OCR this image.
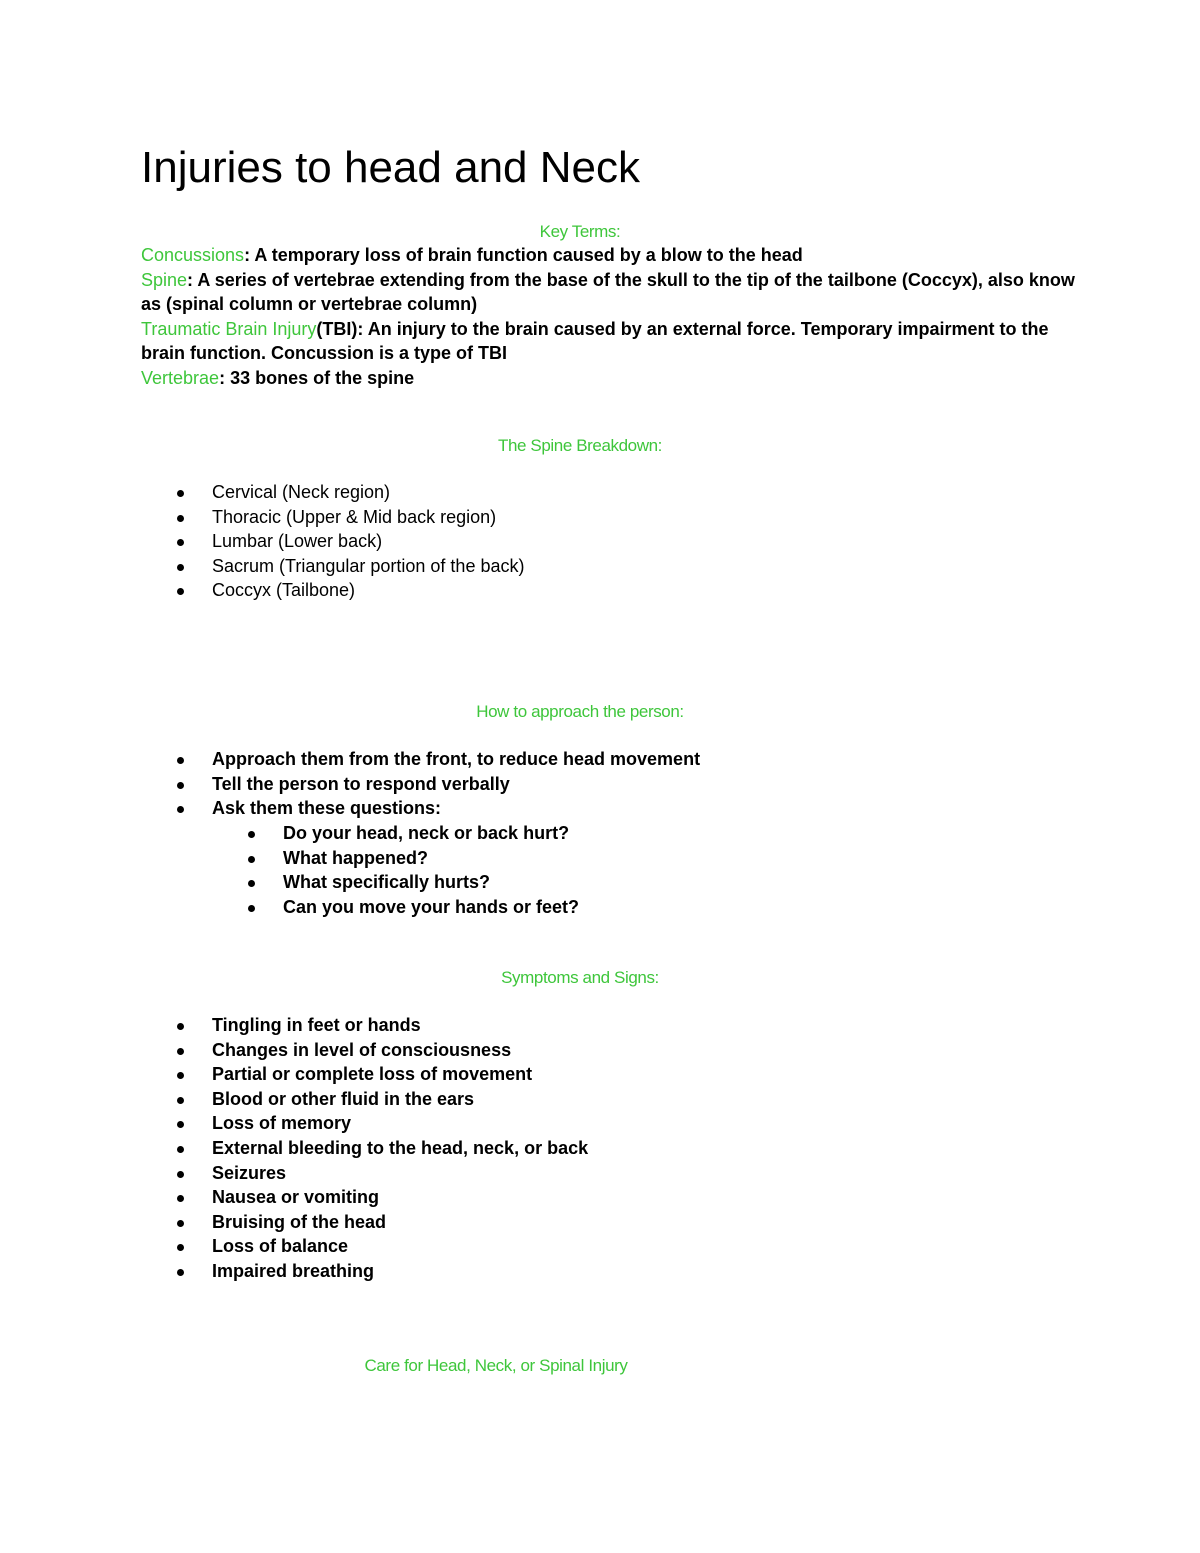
Injuries to head and Neck

Key Terms:

Concussions: A temporary loss of brain function caused by a blow to the head

Spine: A series of vertebrae extending from the base of the skull to the tip of the tailbone (Coccyx), also know as (spinal column or vertebrae column)

Traumatic Brain Injury(TBI): An injury to the brain caused by an external force. Temporary impairment to the brain function. Concussion is a type of TBI

Vertebrae: 33 bones of the spine

The Spine Breakdown:

Cervical (Neck region)
Thoracic (Upper & Mid back region)
Lumbar (Lower back)
Sacrum (Triangular portion of the back)
Coccyx (Tailbone)

How to approach the person:

Approach them from the front, to reduce head movement
Tell the person to respond verbally
Ask them these questions:
Do your head, neck or back hurt?
What happened?
What specifically hurts?
Can you move your hands or feet?

Symptoms and Signs:

Tingling in feet or hands
Changes in level of consciousness
Partial or complete loss of movement
Blood or other fluid in the ears
Loss of memory
External bleeding to the head, neck, or back
Seizures
Nausea or vomiting
Bruising of the head
Loss of balance
Impaired breathing

Care for Head, Neck, or Spinal Injury
